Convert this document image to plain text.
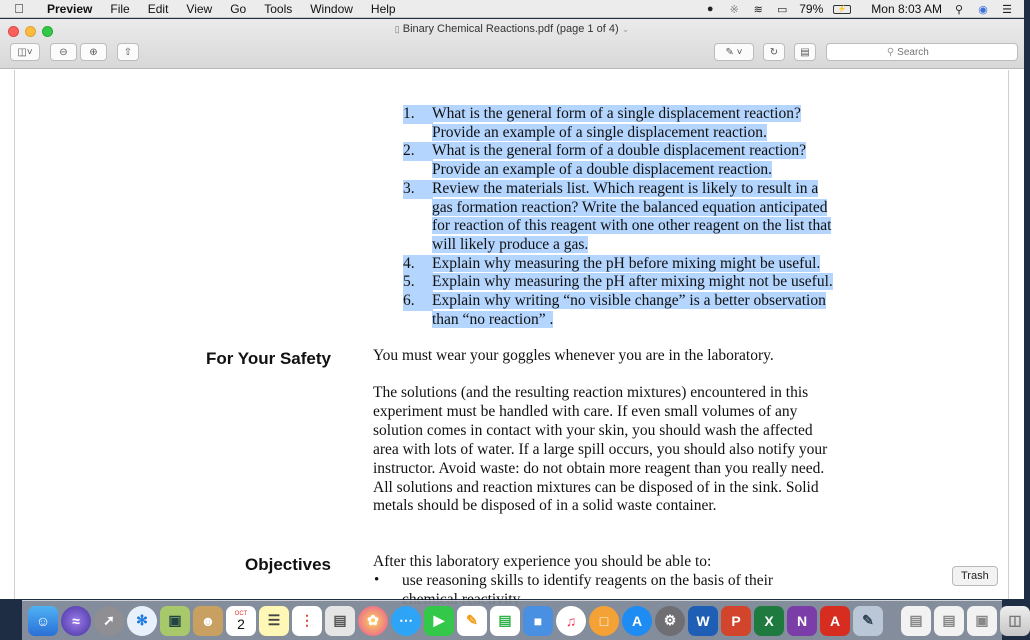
Preview	File	Edit	View	Go	Tools	Window	Help	●	※ ≋ ▭ 79%	⚡	Mon 8:03 AM ⚲ ◉ ☰
▯ Binary Chemical Reactions.pdf (page 1 of 4) ⌄
◫˅	⊖ ⊕	⇧	✎ ˅	↻ ▤	⚲
Search
1.	What is the general form of a single displacement reaction?
Provide an example of a single displacement reaction.
2.	What is the general form of a double displacement reaction?
Provide an example of a double displacement reaction.
3.	Review the materials list. Which reagent is likely to result in a
gas formation reaction? Write the balanced equation anticipated
for reaction of this reagent with one other reagent on the list that
will likely produce a gas.
4.	Explain why measuring the pH before mixing might be useful.
5.	Explain why measuring the pH after mixing might not be useful.
6.	Explain why writing “no visible change” is a better observation
than “no reaction” .
For Your Safety	You must wear your goggles whenever you are in the laboratory.
The solutions (and the resulting reaction mixtures) encountered in this
experiment must be handled with care. If even small volumes of any
solution comes in contact with your skin, you should wash the affected
area with lots of water. If a large spill occurs, you should also notify your
instructor. Avoid waste: do not obtain more reagent than you really need.
All solutions and reaction mixtures can be disposed of in the sink. Solid
metals should be disposed of in a solid waste container.
Objectives	After this laboratory experience you should be able to:
• use reasoning skills to identify reagents on the basis of their	Trash
☺	≈	➚	✻	▣	☻	OCT
2	☰	⋮	▤	✿	⋯	▶	✎	▤	■	♫	□	A	⚙	W	P	X	N	A	✎	▤	▤	▣	◫
